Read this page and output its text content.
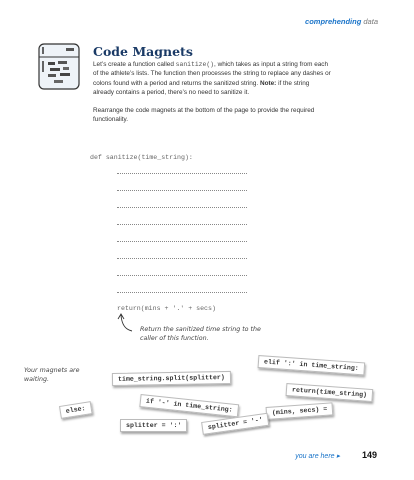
comprehending data
Code Magnets
Let’s create a function called sanitize(), which takes as input a string from each of the athlete’s lists. The function then processes the string to replace any dashes or colons found with a period and returns the sanitized string. Note: if the string already contains a period, there’s no need to sanitize it.
Rearrange the code magnets at the bottom of the page to provide the required functionality.
def sanitize(time_string):
return(mins + '.' + secs)
Return the sanitized time string to the caller of this function.
Your magnets are waiting.
elif ':' in time_string:
time_string.split(splitter)
return(time_string)
if '-' in time_string:
else:	(mins, secs) =
splitter = ':'	splitter = '-'
you are here ▸ 149
